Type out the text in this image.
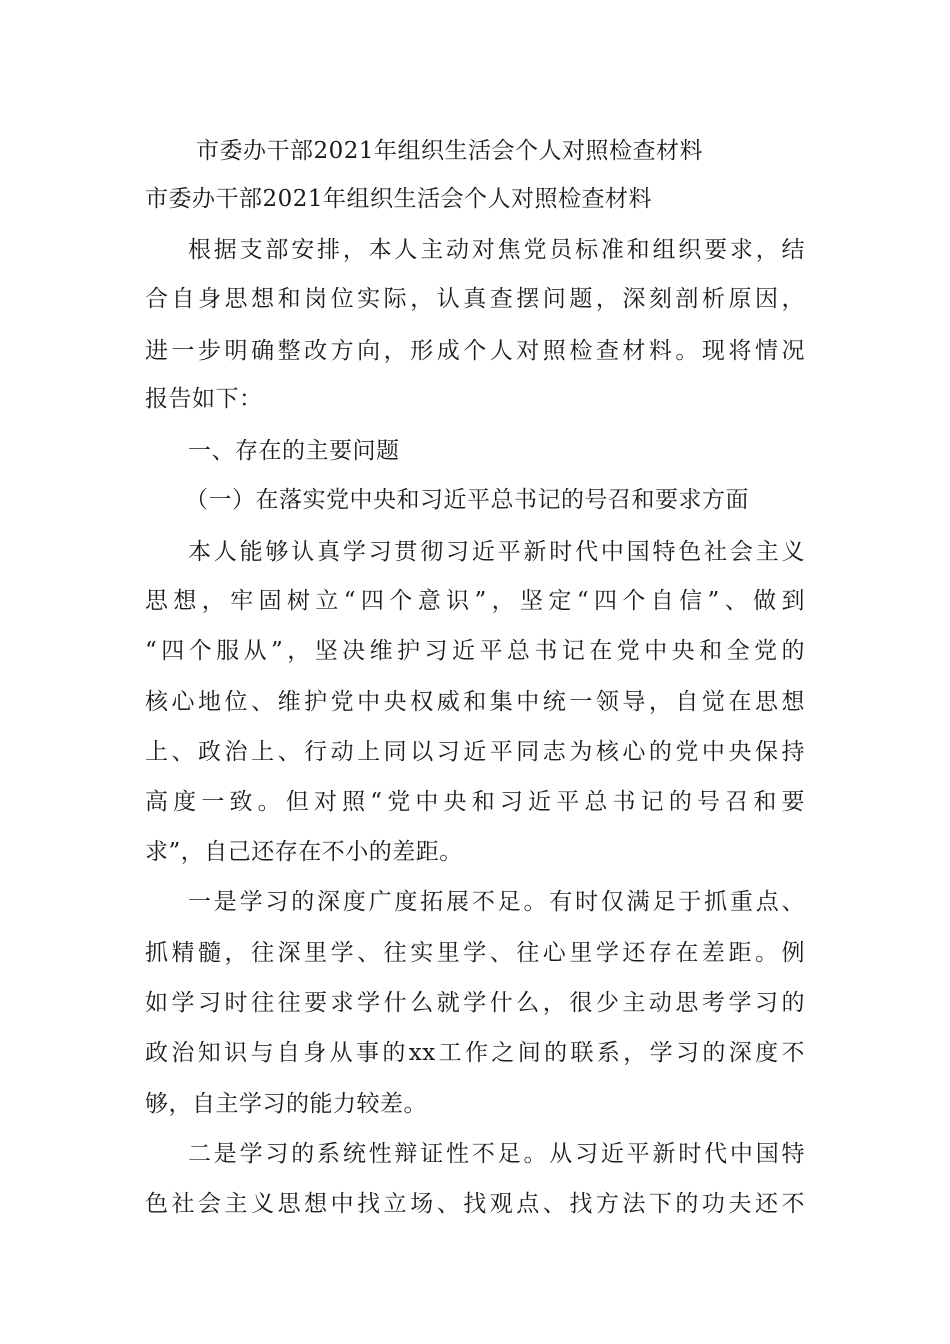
市委办干部2021年组织生活会个人对照检查材料
市委办干部2021年组织生活会个人对照检查材料
根据支部安排，本人主动对焦党员标准和组织要求，结
合自身思想和岗位实际，认真查摆问题，深刻剖析原因，
进一步明确整改方向，形成个人对照检查材料。现将情况
报告如下：
一、存在的主要问题
（一）在落实党中央和习近平总书记的号召和要求方面
本人能够认真学习贯彻习近平新时代中国特色社会主义
思想，牢固树立“四个意识”，坚定“四个自信”、做到
“四个服从”，坚决维护习近平总书记在党中央和全党的
核心地位、维护党中央权威和集中统一领导，自觉在思想
上、政治上、行动上同以习近平同志为核心的党中央保持
高度一致。但对照“党中央和习近平总书记的号召和要
求”，自己还存在不小的差距。
一是学习的深度广度拓展不足。有时仅满足于抓重点、
抓精髓，往深里学、往实里学、往心里学还存在差距。例
如学习时往往要求学什么就学什么，很少主动思考学习的
政治知识与自身从事的xx工作之间的联系，学习的深度不
够，自主学习的能力较差。
二是学习的系统性辩证性不足。从习近平新时代中国特
色社会主义思想中找立场、找观点、找方法下的功夫还不
